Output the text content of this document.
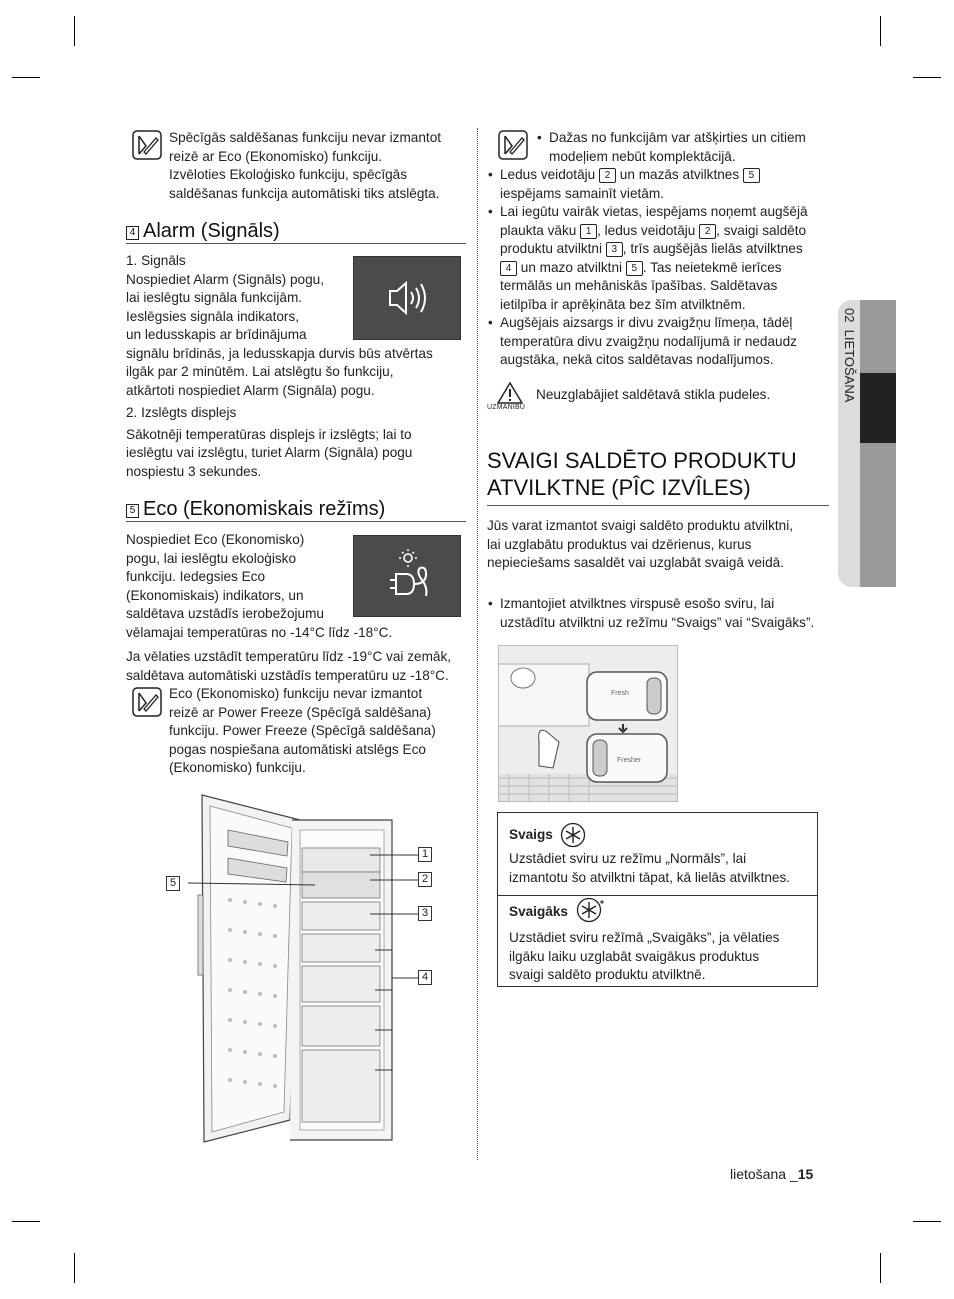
Spēcīgās saldēšanas funkciju nevar izmantot
reizē ar Eco (Ekonomisko) funkciju.
Izvēloties Ekoloģisko funkciju, spēcīgās
saldēšanas funkcija automātiski tiks atslēgta.
4 Alarm (Signāls)
1. Signāls
Nospiediet Alarm (Signāls) pogu,
lai ieslēgtu signāla funkcijām.
Ieslēgsies signāla indikators,
un ledusskapis ar brīdinājuma
signālu brīdinās, ja ledusskapja durvis būs atvērtas
ilgāk par 2 minūtēm. Lai atslēgtu šo funkciju,
atkārtoti nospiediet Alarm (Signāla) pogu.
2. Izslēgts displejs
Sākotnēji temperatūras displejs ir izslēgts; lai to
ieslēgtu vai izslēgtu, turiet Alarm (Signāla) pogu
nospiestu 3 sekundes.
5 Eco (Ekonomiskais režīms)
Nospiediet Eco (Ekonomisko)
pogu, lai ieslēgtu ekoloģisko
funkciju. Iedegsies Eco
(Ekonomiskais) indikators, un
saldētava uzstādīs ierobežojumu
vēlamajai temperatūras no -14°C līdz -18°C.
Ja vēlaties uzstādīt temperatūru līdz -19°C vai zemāk,
saldētava automātiski uzstādīs temperatūru uz -18°C.
Eco (Ekonomisko) funkciju nevar izmantot
reizē ar Power Freeze (Spēcīgā saldēšana)
funkciju. Power Freeze (Spēcīgā saldēšana)
pogas nospiešana automātiski atslēgs Eco
(Ekonomisko) funkciju.
1
2
3
4
5
• Dažas no funkcijām var atšķirties un citiem
modeļiem nebūt komplektācijā.
• Ledus veidotāju 2 un mazās atvilktnes 5
iespējams samainīt vietām.
• Lai iegūtu vairāk vietas, iespējams noņemt augšējā
plaukta vāku 1 , ledus veidotāju 2 , svaigi saldēto
produktu atvilktni 3 , trīs augšējās lielās atvilktnes
4 un mazo atvilktni 5 . Tas neietekmē ierīces
termālās un mehāniskās īpašības. Saldētavas
ietilpība ir aprēķināta bez šīm atvilktnēm.
• Augšējais aizsargs ir divu zvaigžņu līmeņa, tādēļ
temperatūra divu zvaigžņu nodalījumā ir nedaudz
augstāka, nekā citos saldētavas nodalījumos.
UZMANĪBU
Neuzglabājiet saldētavā stikla pudeles.
SVAIGI SALDĒTO PRODUKTU
ATVILKTNE (PÎC IZVÎLES)
Jūs varat izmantot svaigi saldēto produktu atvilktni,
lai uzglabātu produktus vai dzērienus, kurus
nepieciešams sasaldēt vai uzglabāt svaigā veidā.
• Izmantojiet atvilktnes virspusē esošo sviru, lai
uzstādītu atvilktni uz režīmu “Svaigs” vai “Svaigāks”.
Fresh
Fresher
Svaigs
Uzstādiet sviru uz režīmu „Normāls”, lai
izmantotu šo atvilktni tāpat, kā lielās atvilktnes.
Svaigāks
Uzstādiet sviru režīmā „Svaigāks”, ja vēlaties
ilgāku laiku uzglabāt svaigākus produktus
svaigi saldēto produktu atvilktnē.
02  LIETOŠANA
lietošana _15
